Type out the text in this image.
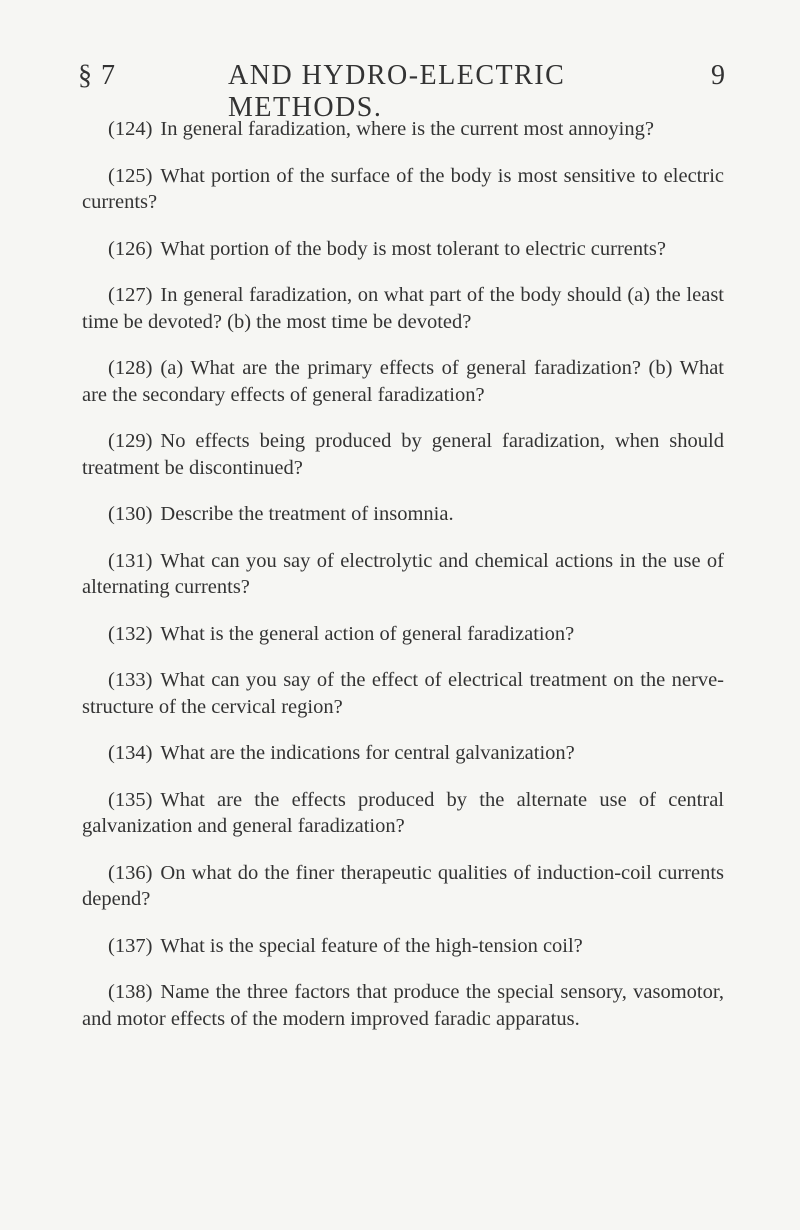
§ 7	AND HYDRO-ELECTRIC METHODS.
9
(124) In general faradization, where is the current most annoying?
(125) What portion of the surface of the body is most sensitive to electric currents?
(126) What portion of the body is most tolerant to electric currents?
(127) In general faradization, on what part of the body should (a) the least time be devoted? (b) the most time be devoted?
(128) (a) What are the primary effects of general faradization? (b) What are the secondary effects of general faradization?
(129) No effects being produced by general faradization, when should treatment be discontinued?
(130) Describe the treatment of insomnia.
(131) What can you say of electrolytic and chemical actions in the use of alternating currents?
(132) What is the general action of general faradization?
(133) What can you say of the effect of electrical treatment on the nerve-structure of the cervical region?
(134) What are the indications for central galvanization?
(135) What are the effects produced by the alternate use of central galvanization and general faradization?
(136) On what do the finer therapeutic qualities of induction-coil currents depend?
(137) What is the special feature of the high-tension coil?
(138) Name the three factors that produce the special sensory, vasomotor, and motor effects of the modern improved faradic apparatus.
